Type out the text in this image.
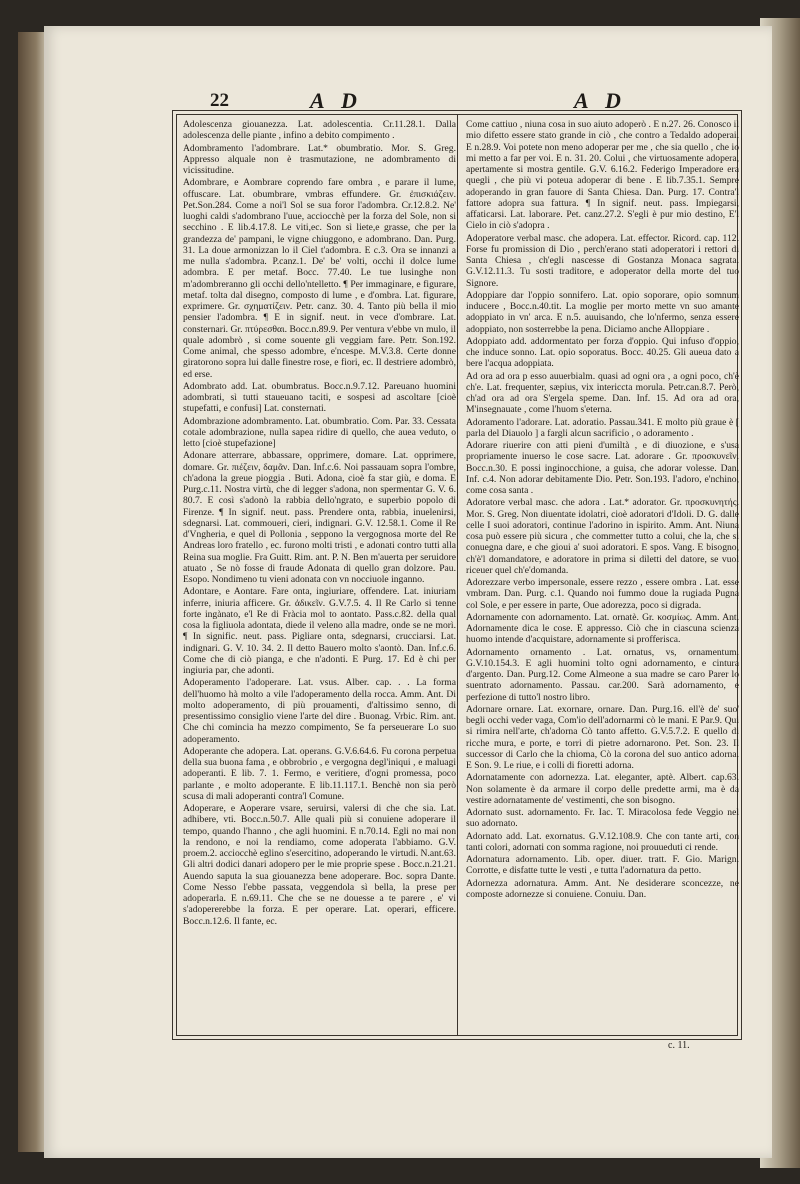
22	A D	A D

Adolescenza giouanezza. Lat. adolescentia. Cr.11.28.1. Dalla adolescenza delle piante , infino a debito compimento .

Adombramento l'adombrare. Lat.* obumbratio. Mor. S. Greg. Appresso alquale non è trasmutazione, ne adombramento di vicissitudine.

Adombrare, e Aombrare coprendo fare ombra , e parare il lume, offuscare. Lat. obumbrare, vmbras effundere. Gr. ἐπισκιάζειν. Pet.Son.284. Come a noi'l Sol se sua foror l'adombra. Cr.12.8.2. Ne' luoghi caldi s'adombrano l'uue, acciocchè per la forza del Sole, non si secchino . E lib.4.17.8. Le viti,ec. Son sì liete,e grasse, che per la grandezza de' pampani, le vigne chiuggono, e adombrano. Dan. Purg. 31. La doue armonizzan lo il Ciel t'adombra. E c.3. Ora se innanzi a me nulla s'adombra. P.canz.1. De' be' volti, occhi il dolce lume adombra. E per metaf. Bocc. 77.40. Le tue lusinghe non m'adombreranno gli occhi dello'ntelletto. ¶ Per immaginare, e figurare, metaf. tolta dal disegno, composto di lume , e d'ombra. Lat. figurare, exprimere. Gr. σχηματίζειν. Petr. canz. 30. 4. Tanto più bella il mio pensier l'adombra. ¶ E in signif. neut. in vece d'ombrare. Lat. consternari. Gr. πτύρεσθαι. Bocc.n.89.9. Per ventura v'ebbe vn mulo, il quale adombrò , sì come souente gli veggiam fare. Petr. Son.192. Come animal, che spesso adombre, e'ncespe. M.V.3.8. Certe donne giratorono sopra lui dalle finestre rose, e fiori, ec. Il destriere adombrò, ed erse.

Adombrato add. Lat. obumbratus. Bocc.n.9.7.12. Pareuano huomini adombrati, sì tutti staueuano taciti, e sospesi ad ascoltare [cioè stupefatti, e confusi] Lat. consternati.

Adombrazione adombramento. Lat. obumbratio. Com. Par. 33. Cessata cotale adombrazione, nulla sapea ridire di quello, che auea veduto, o letto [cioè stupefazione]

Adonare atterrare, abbassare, opprimere, domare. Lat. opprimere, domare. Gr. πιέζειν, δαμᾶν. Dan. Inf.c.6. Noi passauam sopra l'ombre, ch'adona la greue pioggia . Buti. Adona, cioè fa star giù, e doma. E Purg.c.11. Nostra virtù, che di legger s'adona, non spermentar G. V. 6. 80.7. E così s'adonò la rabbia dello'ngrato, e superbio popolo di Firenze. ¶ In signif. neut. pass. Prendere onta, rabbia, inuelenirsi, sdegnarsi. Lat. commoueri, cieri, indignari. G.V. 12.58.1. Come il Re d'Vngheria, e quel di Pollonia , seppono la vergognosa morte del Re Andreas loro fratello , ec. furono molti tristi , e adonati contro tutti alla Reina sua moglie. Fra Guitt. Rim. ant. P. N. Ben m'auerta per seruidore atuato , Se nò fosse di fraude Adonata di quello gran dolzore. Pau. Esopo. Nondimeno tu vieni adonata con vn nocciuole inganno.

Adontare, e Aontare. Fare onta, ingiuriare, offendere. Lat. iniuriam inferre, iniuria afficere. Gr. ἀδικεῖν. G.V.7.5. 4. Il Re Carlo si tenne forte ingànato, e'l Re di Fràcia mol to aontato. Pass.c.82. della qual cosa la figliuola adontata, diede il veleno alla madre, onde se ne morì. ¶ In signific. neut. pass. Pigliare onta, sdegnarsi, crucciarsi. Lat. indignari. G. V. 10. 34. 2. Il detto Bauero molto s'aontò. Dan. Inf.c.6. Come che di ciò pianga, e che n'adonti. E Purg. 17. Ed è chi per ingiuria par, che adonti.

Adoperamento l'adoperare. Lat. vsus. Alber. cap. . . La forma dell'huomo hà molto a vile l'adoperamento della rocca. Amm. Ant. Di molto adoperamento, di più prouamenti, d'altissimo senno, di presentissimo consiglio viene l'arte del dire . Buonag. Vrbic. Rim. ant. Che chi comincia ha mezzo compimento, Se fa perseuerare Lo suo adoperamento.

Adoperante che adopera. Lat. operans. G.V.6.64.6. Fu corona perpetua della sua buona fama , e obbrobrio , e vergogna degl'iniqui , e maluagi adoperanti. E lib. 7. 1. Fermo, e veritiere, d'ogni promessa, poco parlante , e molto adoperante. E lib.11.117.1. Benchè non sia però scusa di mali adoperanti contra'l Comune.

Adoperare, e Aoperare vsare, seruirsi, valersi di che che sia. Lat. adhibere, vti. Bocc.n.50.7. Alle quali più si conuiene adoperare il tempo, quando l'hanno , che agli huomini. E n.70.14. Egli no mai non la rendono, e noi la rendiamo, come adoperata l'abbiamo. G.V. proem.2. acciocchè eglino s'esercitino, adoperando le virtudi. N.ant.63. Gli altri dodici danari adopero per le mie proprie spese . Bocc.n.21.21. Auendo saputa la sua giouanezza bene adoperare. Boc. sopra Dante. Come Nesso l'ebbe passata, veggendola sì bella, la prese per adoperarla. E n.69.11. Che che se ne douesse a te parere , e' vi s'adopererebbe la forza. E per operare. Lat. operari, efficere. Bocc.n.12.6. Il fante, ec.

Come cattiuo , niuna cosa in suo aiuto adoperò . E n.27. 26. Conosco il mio difetto essere stato grande in ciò , che contro a Tedaldo adoperai. E n.28.9. Voi potete non meno adoperar per me , che sia quello , che io mi metto a far per voi. E n. 31. 20. Colui , che virtuosamente adopera, apertamente si mostra gentile. G.V. 6.16.2. Federigo Imperadore era quegli , che più vi poteua adoperar di bene . E lib.7.35.1. Sempre adoperando in gran fauore di Santa Chiesa. Dan. Purg. 17. Contra'l fattore adopra sua fattura. ¶ In signif. neut. pass. Impiegarsi, affaticarsi. Lat. laborare. Pet. canz.27.2. S'egli è pur mio destino, E'l Cielo in ciò s'adopra .

Adoperatore verbal masc. che adopera. Lat. effector. Ricord. cap. 112. Forse fu promission di Dio , perch'erano stati adoperatori i rettori di Santa Chiesa , ch'egli nascesse di Gostanza Monaca sagrata. G.V.12.11.3. Tu sosti traditore, e adoperator della morte del tuo Signore.

Adoppiare dar l'oppio sonnifero. Lat. opio soporare, opio somnum inducere , Bocc.n.40.tit. La moglie per morto mette vn suo amante adoppiato in vn' arca. E n.5. auuisando, che lo'nfermo, senza essere adoppiato, non sosterrebbe la pena. Diciamo anche Alloppiare .

Adoppiato add. addormentato per forza d'oppio. Qui infuso d'oppio, che induce sonno. Lat. opio soporatus. Bocc. 40.25. Gli aueua dato a bere l'acqua adoppiata.

Ad ora ad ora p esso auuerbialm. quasi ad ogni ora , a ogni poco, ch'è ch'e. Lat. frequenter, sæpius, vix intericcta morula. Petr.can.8.7. Però, ch'ad ora ad ora S'ergela speme. Dan. Inf. 15. Ad ora ad ora, M'insegnauate , come l'huom s'eterna.

Adoramento l'adorare. Lat. adoratio. Passau.341. E molto più graue è [ parla del Diauolo ] a fargli alcun sacrificio , o adoramento .

Adorare riuerire con atti pieni d'umiltà , e di diuozione, e s'usa propriamente inuerso le cose sacre. Lat. adorare . Gr. προσκυνεῖν. Bocc.n.30. E possi inginocchione, a guisa, che adorar volesse. Dan. Inf. c.4. Non adorar debitamente Dio. Petr. Son.193. I'adoro, e'nchino, come cosa santa .

Adoratore verbal masc. che adora . Lat.* adorator. Gr. προσκυνητής. Mor. S. Greg. Non diuentate idolatri, cioè adoratori d'Idoli. D. G. dalle celle I suoi adoratori, continue l'adorino in ispirito. Amm. Ant. Niuna cosa può essere più sicura , che commetter tutto a colui, che la, che si conuegna dare, e che gioui a' suoi adoratori. E spos. Vang. E bisogno, ch'è'l domandatore, e adoratore in prima si diletti del datore, se vuol riceuer quel ch'e'domanda.

Adorezzare verbo impersonale, essere rezzo , essere ombra . Lat. esse vmbram. Dan. Purg. c.1. Quando noi fummo doue la rugiada Pugna col Sole, e per essere in parte, Oue adorezza, poco si digrada.

Adornamente con adornamento. Lat. ornatè. Gr. κοσμίως. Amm. Ant. Adornamente dica le cose. E appresso. Ciò che in ciascuna scienza huomo intende d'acquistare, adornamente si profferisca.

Adornamento ornamento . Lat. ornatus, vs, ornamentum. G.V.10.154.3. E agli huomini tolto ogni adornamento, e cintura d'argento. Dan. Purg.12. Come Almeone a sua madre se caro Parer lo suentrato adornamento. Passau. car.200. Sarà adornamento, e perfezione di tutto'l nostro libro.

Adornare ornare. Lat. exornare, ornare. Dan. Purg.16. ell'è de' suo' begli occhi veder vaga, Com'io dell'adornarmi cò le mani. E Par.9. Qui si rimira nell'arte, ch'adorna Cò tanto affetto. G.V.5.7.2. E quello di ricche mura, e porte, e torri di pietre adornarono. Pet. Son. 23. Il successor di Carlo che la chioma, Cò la corona del suo antico adorna. E Son. 9. Le riue, e i colli di fioretti adorna.

Adornatamente con adornezza. Lat. eleganter, aptè. Albert. cap.63. Non solamente è da armare il corpo delle predette armi, ma è da vestire adornatamente de' vestimenti, che son bisogno.

Adornato sust. adornamento. Fr. Iac. T. Miracolosa fede Veggio nel suo adornato.

Adornato add. Lat. exornatus. G.V.12.108.9. Che con tante arti, con tanti colori, adornati con somma ragione, noi prouueduti ci rende.

Adornatura adornamento. Lib. oper. diuer. tratt. F. Gio. Marign. Corrotte, e disfatte tutte le vesti , e tutta l'adornatura da petto.

Adornezza adornatura. Amm. Ant. Ne desiderare sconcezze, ne composte adornezze si conuiene. Conuiu. Dan.

c. 11.
